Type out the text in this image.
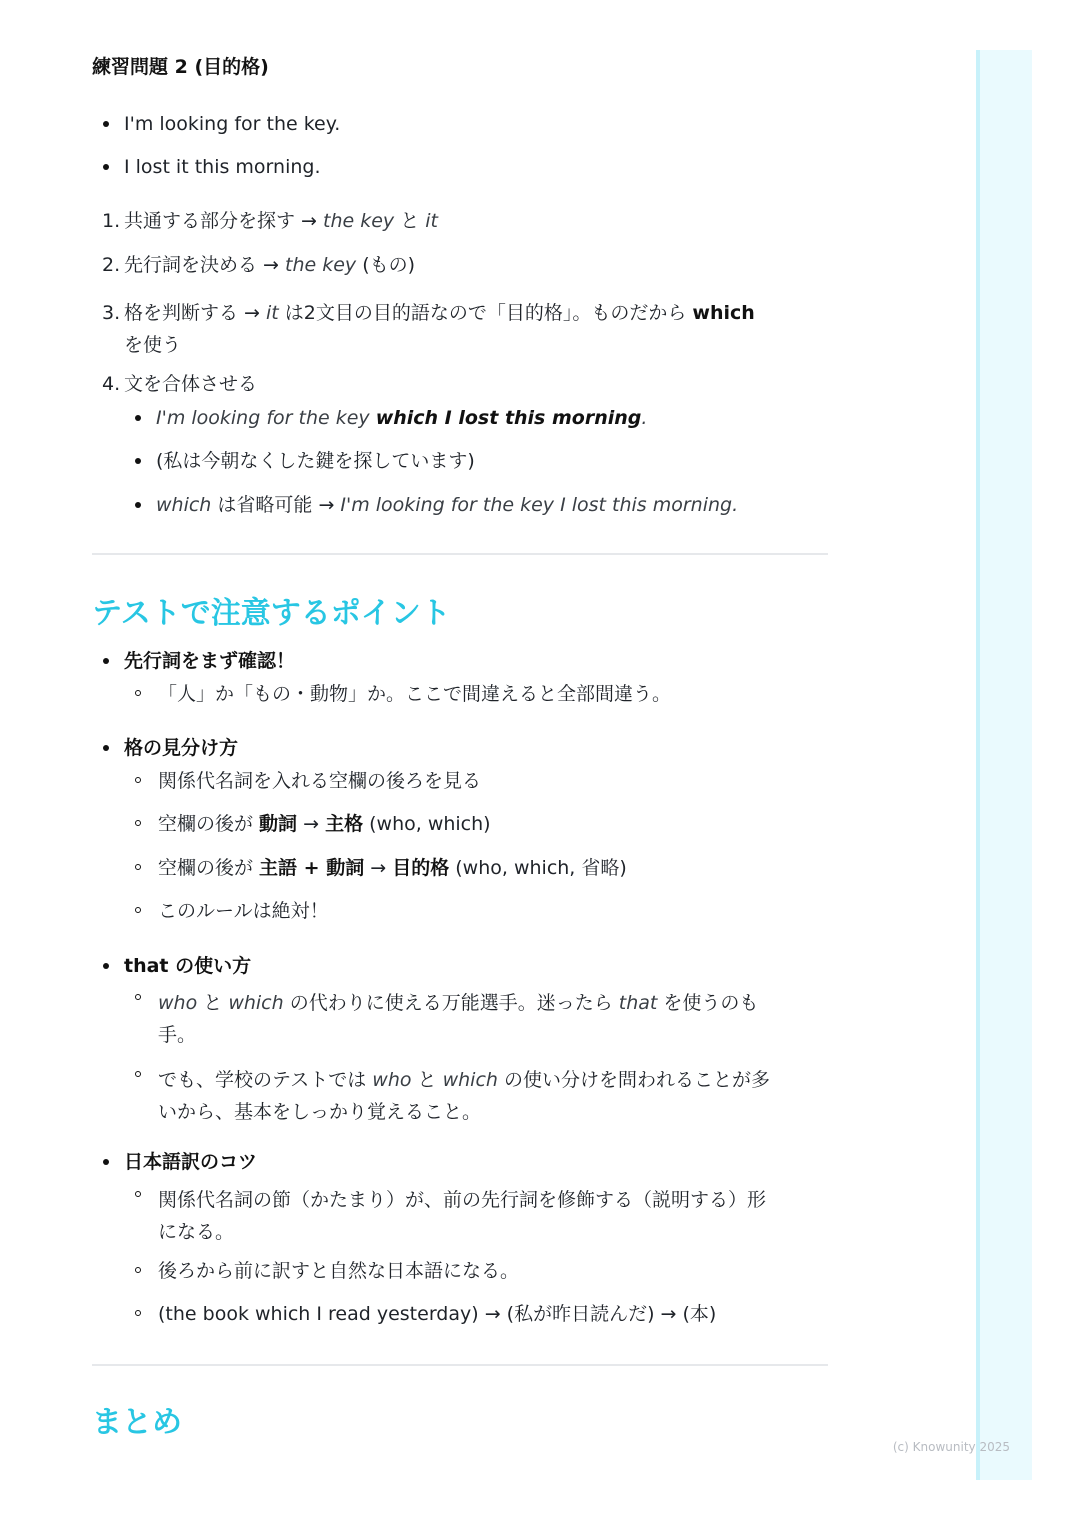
練習問題 2 (目的格)
I'm looking for the key.
I lost it this morning.
1. 共通する部分を探す → the key と it
2. 先行詞を決める → the key (もの)
3. 格を判断する → it は2文目の目的語なので「目的格」。ものだから which
を使う
4. 文を合体させる
I'm looking for the key which I lost this morning.
(私は今朝なくした鍵を探しています)
which は省略可能 → I'm looking for the key I lost this morning.
テストで注意するポイント
先行詞をまず確認！
「人」か「もの・動物」か。ここで間違えると全部間違う。
格の見分け方
関係代名詞を入れる空欄の後ろを見る
空欄の後が 動詞 → 主格 (who, which)
空欄の後が 主語 + 動詞 → 目的格 (who, which, 省略)
このルールは絶対！
that の使い方
who と which の代わりに使える万能選手。迷ったら that を使うのも
手。
でも、学校のテストでは who と which の使い分けを問われることが多
いから、基本をしっかり覚えること。
日本語訳のコツ
関係代名詞の節（かたまり）が、前の先行詞を修飾する（説明する）形
になる。
後ろから前に訳すと自然な日本語になる。
(the book which I read yesterday) → (私が昨日読んだ) → (本)
まとめ
(c) Knowunity 2025
